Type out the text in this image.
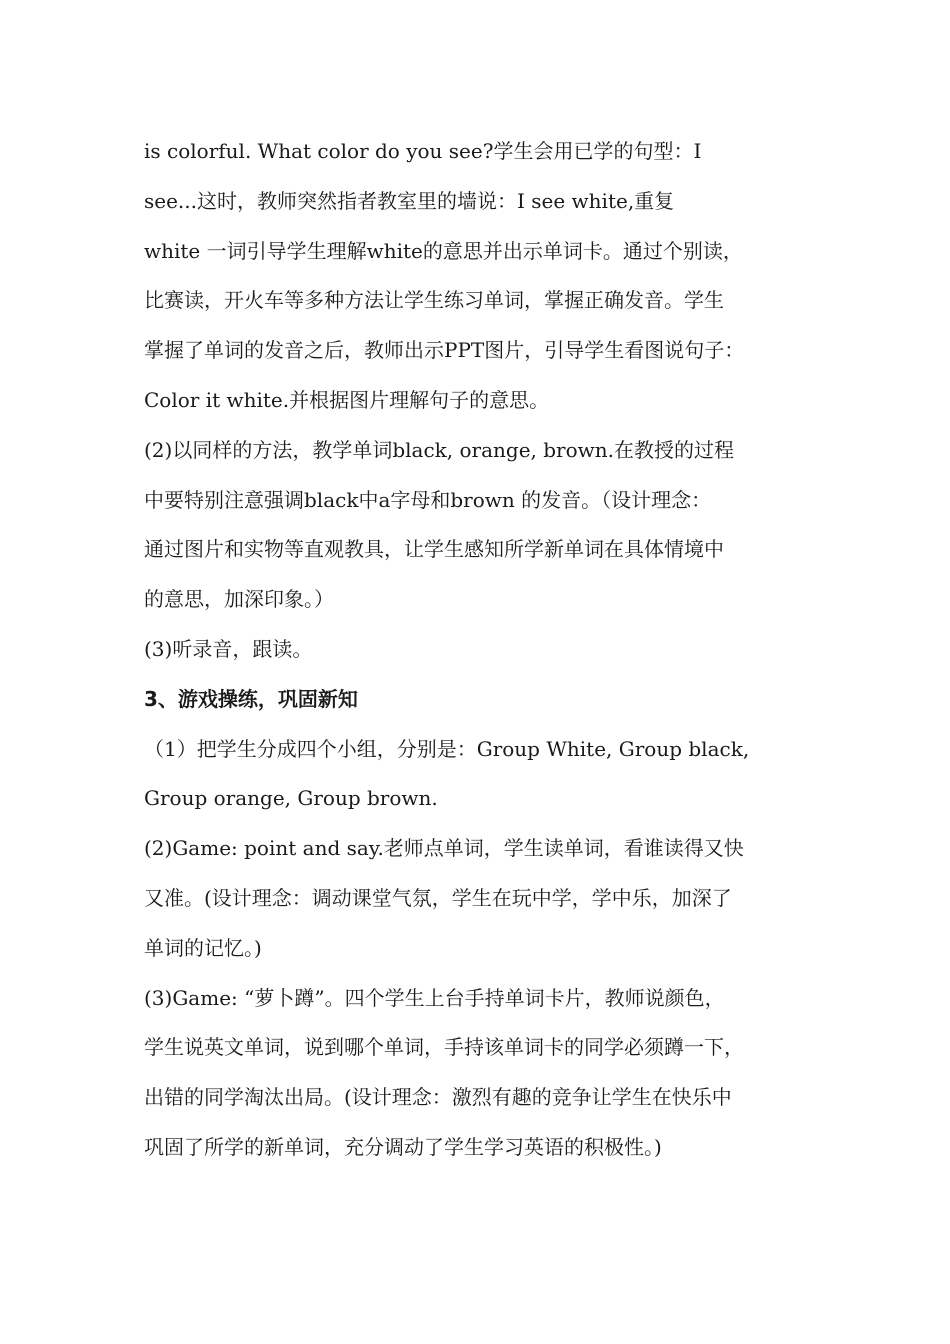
is colorful. What color do you see?学生会用已学的句型：I
see...这时，教师突然指者教室里的墙说：I see white,重复
white 一词引导学生理解white的意思并出示单词卡。通过个别读，
比赛读，开火车等多种方法让学生练习单词，掌握正确发音。学生
掌握了单词的发音之后，教师出示PPT图片，引导学生看图说句子：
Color it white.并根据图片理解句子的意思。
(2)以同样的方法，教学单词black, orange, brown.在教授的过程
中要特别注意强调black中a字母和brown 的发音。（设计理念：
通过图片和实物等直观教具，让学生感知所学新单词在具体情境中
的意思，加深印象。）
(3)听录音，跟读。
3、游戏操练，巩固新知
（1）把学生分成四个小组，分别是：Group White, Group black,
Group orange, Group brown.
(2)Game: point and say.老师点单词，学生读单词，看谁读得又快
又准。(设计理念：调动课堂气氛，学生在玩中学，学中乐，加深了
单词的记忆。)
(3)Game: “萝卜蹲”。四个学生上台手持单词卡片，教师说颜色，
学生说英文单词，说到哪个单词，手持该单词卡的同学必须蹲一下，
出错的同学淘汰出局。(设计理念：激烈有趣的竞争让学生在快乐中
巩固了所学的新单词，充分调动了学生学习英语的积极性。)
